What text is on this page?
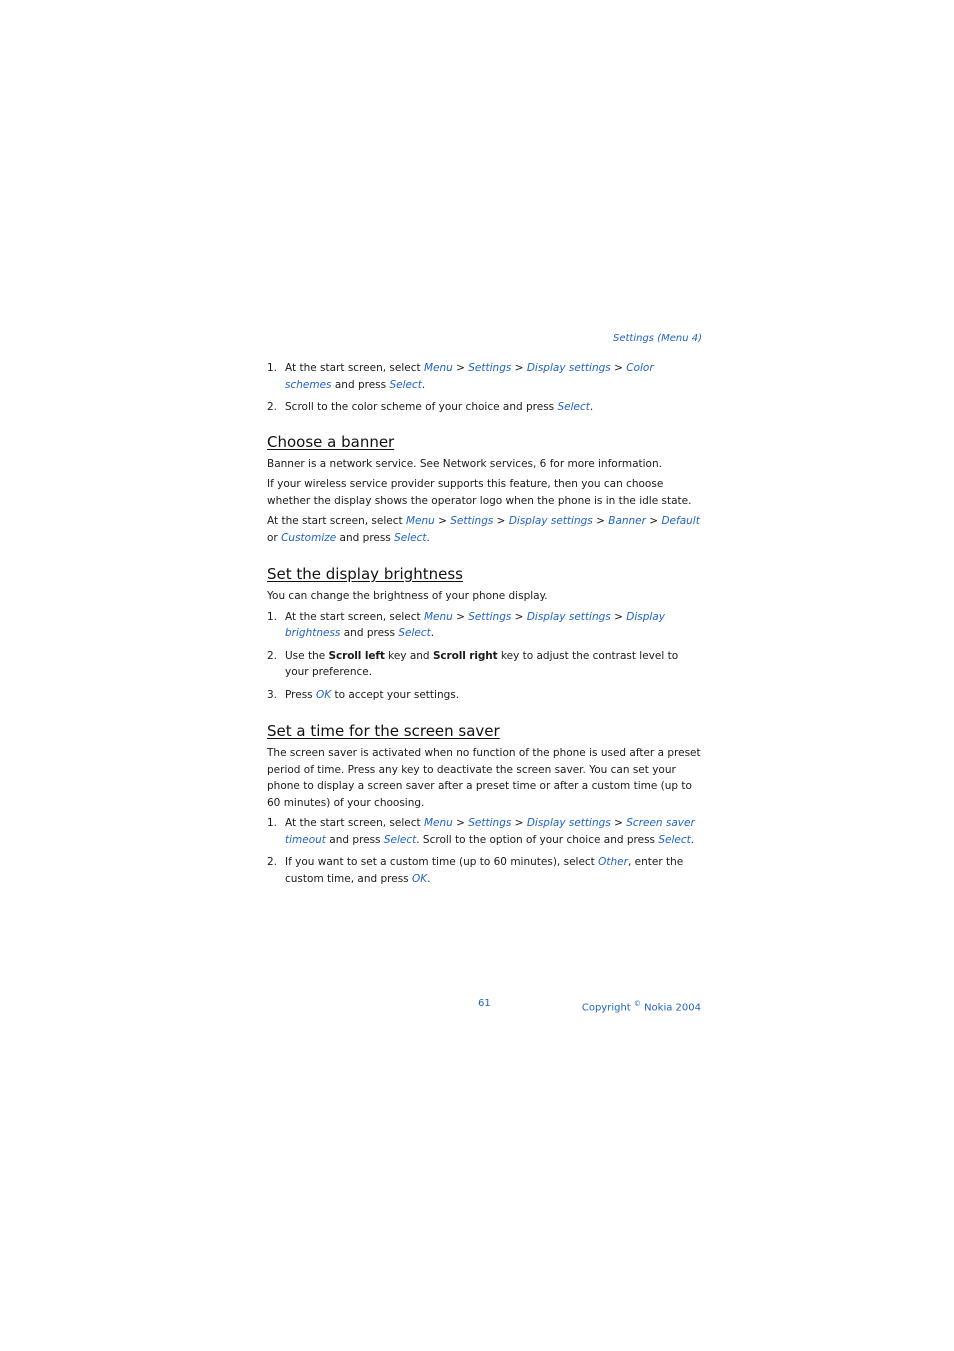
Settings (Menu 4)
1. At the start screen, select Menu > Settings > Display settings > Color schemes and press Select.
2. Scroll to the color scheme of your choice and press Select.
Choose a banner

Banner is a network service. See Network services, 6 for more information.

If your wireless service provider supports this feature, then you can choose whether the display shows the operator logo when the phone is in the idle state.

At the start screen, select Menu > Settings > Display settings > Banner > Default or Customize and press Select.

Set the display brightness

You can change the brightness of your phone display.

1. At the start screen, select Menu > Settings > Display settings > Display brightness and press Select.
2. Use the Scroll left key and Scroll right key to adjust the contrast level to your preference.
3. Press OK to accept your settings.
Set a time for the screen saver

The screen saver is activated when no function of the phone is used after a preset period of time. Press any key to deactivate the screen saver. You can set your phone to display a screen saver after a preset time or after a custom time (up to 60 minutes) of your choosing.

1. At the start screen, select Menu > Settings > Display settings > Screen saver timeout and press Select. Scroll to the option of your choice and press Select.
2. If you want to set a custom time (up to 60 minutes), select Other, enter the custom time, and press OK.
61	Copyright © Nokia 2004
